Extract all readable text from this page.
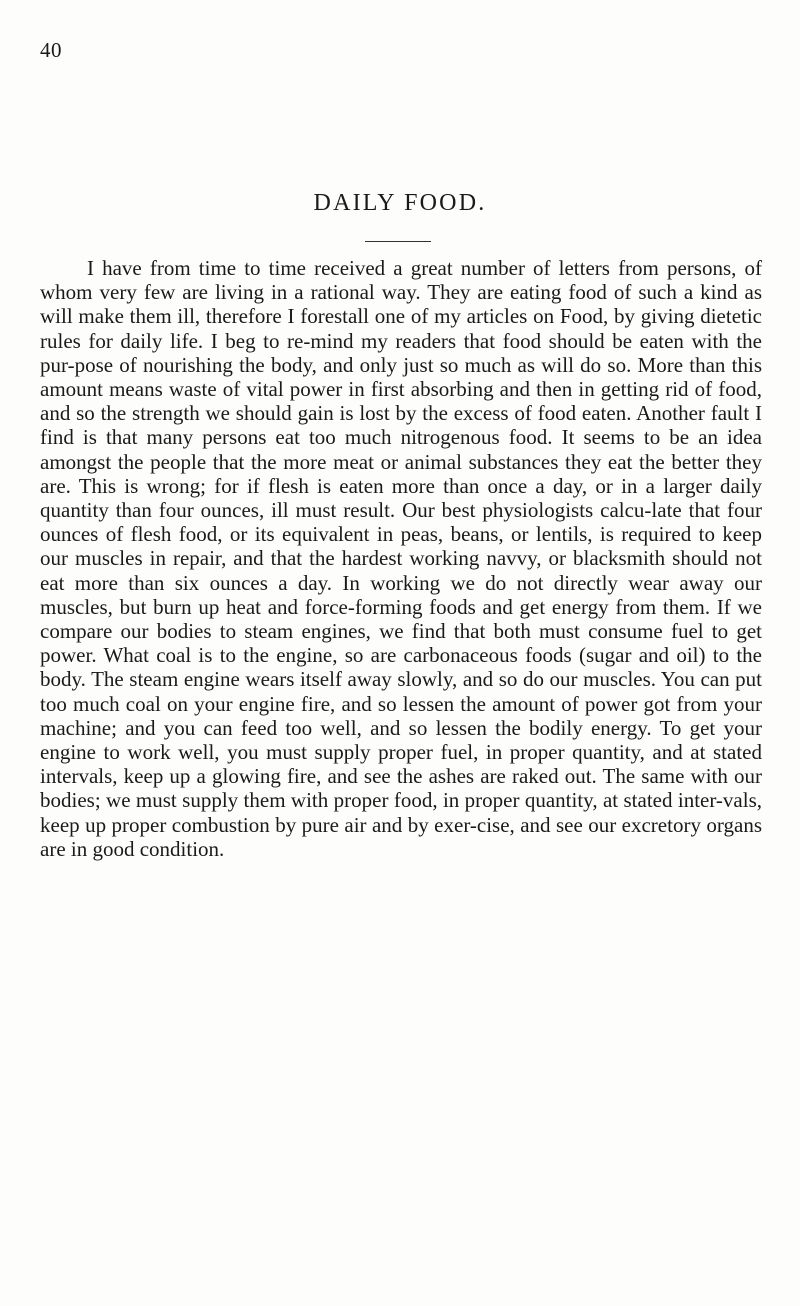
40
DAILY FOOD.

I have from time to time received a great number of letters from persons, of whom very few are living in a rational way. They are eating food of such a kind as will make them ill, therefore I forestall one of my articles on Food, by giving dietetic rules for daily life. I beg to re-mind my readers that food should be eaten with the pur-pose of nourishing the body, and only just so much as will do so. More than this amount means waste of vital power in first absorbing and then in getting rid of food, and so the strength we should gain is lost by the excess of food eaten. Another fault I find is that many persons eat too much nitrogenous food. It seems to be an idea amongst the people that the more meat or animal substances they eat the better they are. This is wrong; for if flesh is eaten more than once a day, or in a larger daily quantity than four ounces, ill must result. Our best physiologists calcu-late that four ounces of flesh food, or its equivalent in peas, beans, or lentils, is required to keep our muscles in repair, and that the hardest working navvy, or blacksmith should not eat more than six ounces a day. In working we do not directly wear away our muscles, but burn up heat and force-forming foods and get energy from them. If we compare our bodies to steam engines, we find that both must consume fuel to get power. What coal is to the engine, so are carbonaceous foods (sugar and oil) to the body. The steam engine wears itself away slowly, and so do our muscles. You can put too much coal on your engine fire, and so lessen the amount of power got from your machine; and you can feed too well, and so lessen the bodily energy. To get your engine to work well, you must supply proper fuel, in proper quantity, and at stated intervals, keep up a glowing fire, and see the ashes are raked out. The same with our bodies; we must supply them with proper food, in proper quantity, at stated inter-vals, keep up proper combustion by pure air and by exer-cise, and see our excretory organs are in good condition.
